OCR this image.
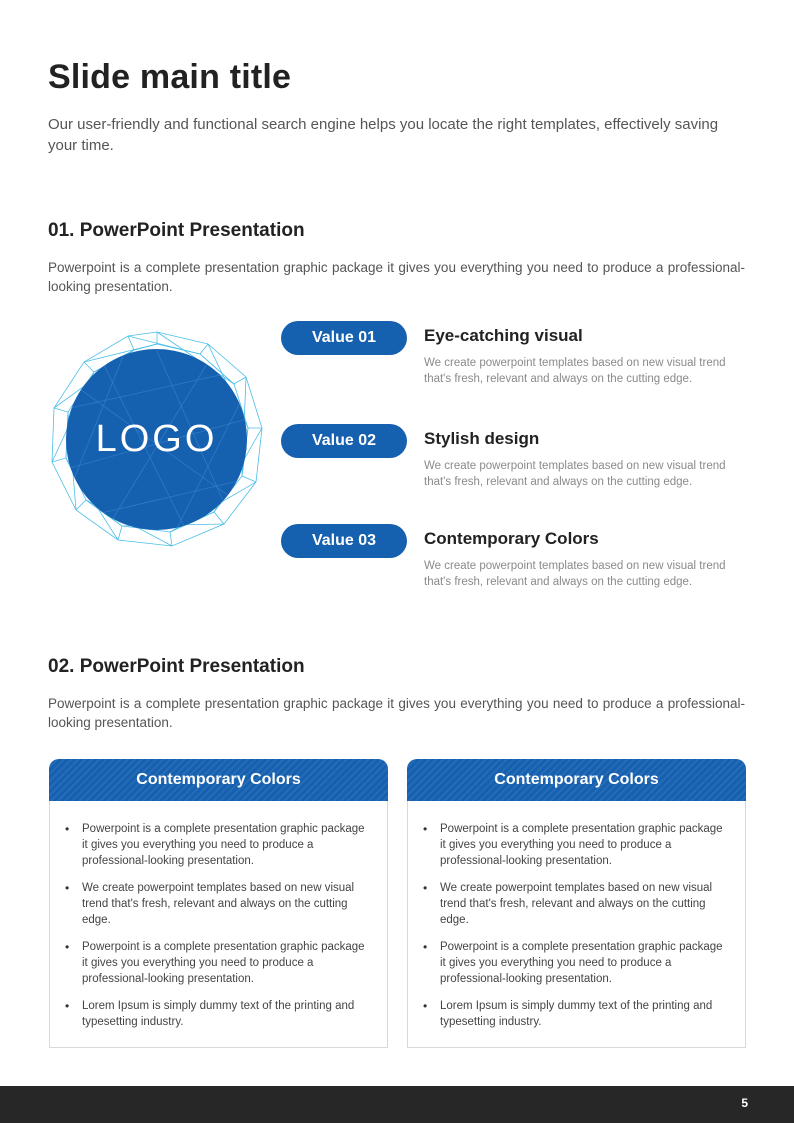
Slide main title

Our user-friendly and functional search engine helps you locate the right templates, effectively saving your time.

01. PowerPoint Presentation

Powerpoint is a complete presentation graphic package it gives you everything you need to produce a professional-looking presentation.

LOGO
Value 01	Eye-catching visual

We create powerpoint templates based on new visual trend that's fresh, relevant and always on the cutting edge.

Value 02	Stylish design

We create powerpoint templates based on new visual trend that's fresh, relevant and always on the cutting edge.

Value 03	Contemporary Colors

We create powerpoint templates based on new visual trend that's fresh, relevant and always on the cutting edge.

02. PowerPoint Presentation

Powerpoint is a complete presentation graphic package it gives you everything you need to produce a professional-looking presentation.

Contemporary Colors
• Powerpoint is a complete presentation graphic package it gives you everything you need to produce a professional-looking presentation.
• We create powerpoint templates based on new visual trend that's fresh, relevant and always on the cutting edge.
• Powerpoint is a complete presentation graphic package it gives you everything you need to produce a professional-looking presentation.
• Lorem Ipsum is simply dummy text of the printing and typesetting industry.
Contemporary Colors
• Powerpoint is a complete presentation graphic package it gives you everything you need to produce a professional-looking presentation.
• We create powerpoint templates based on new visual trend that's fresh, relevant and always on the cutting edge.
• Powerpoint is a complete presentation graphic package it gives you everything you need to produce a professional-looking presentation.
• Lorem Ipsum is simply dummy text of the printing and typesetting industry.
5
